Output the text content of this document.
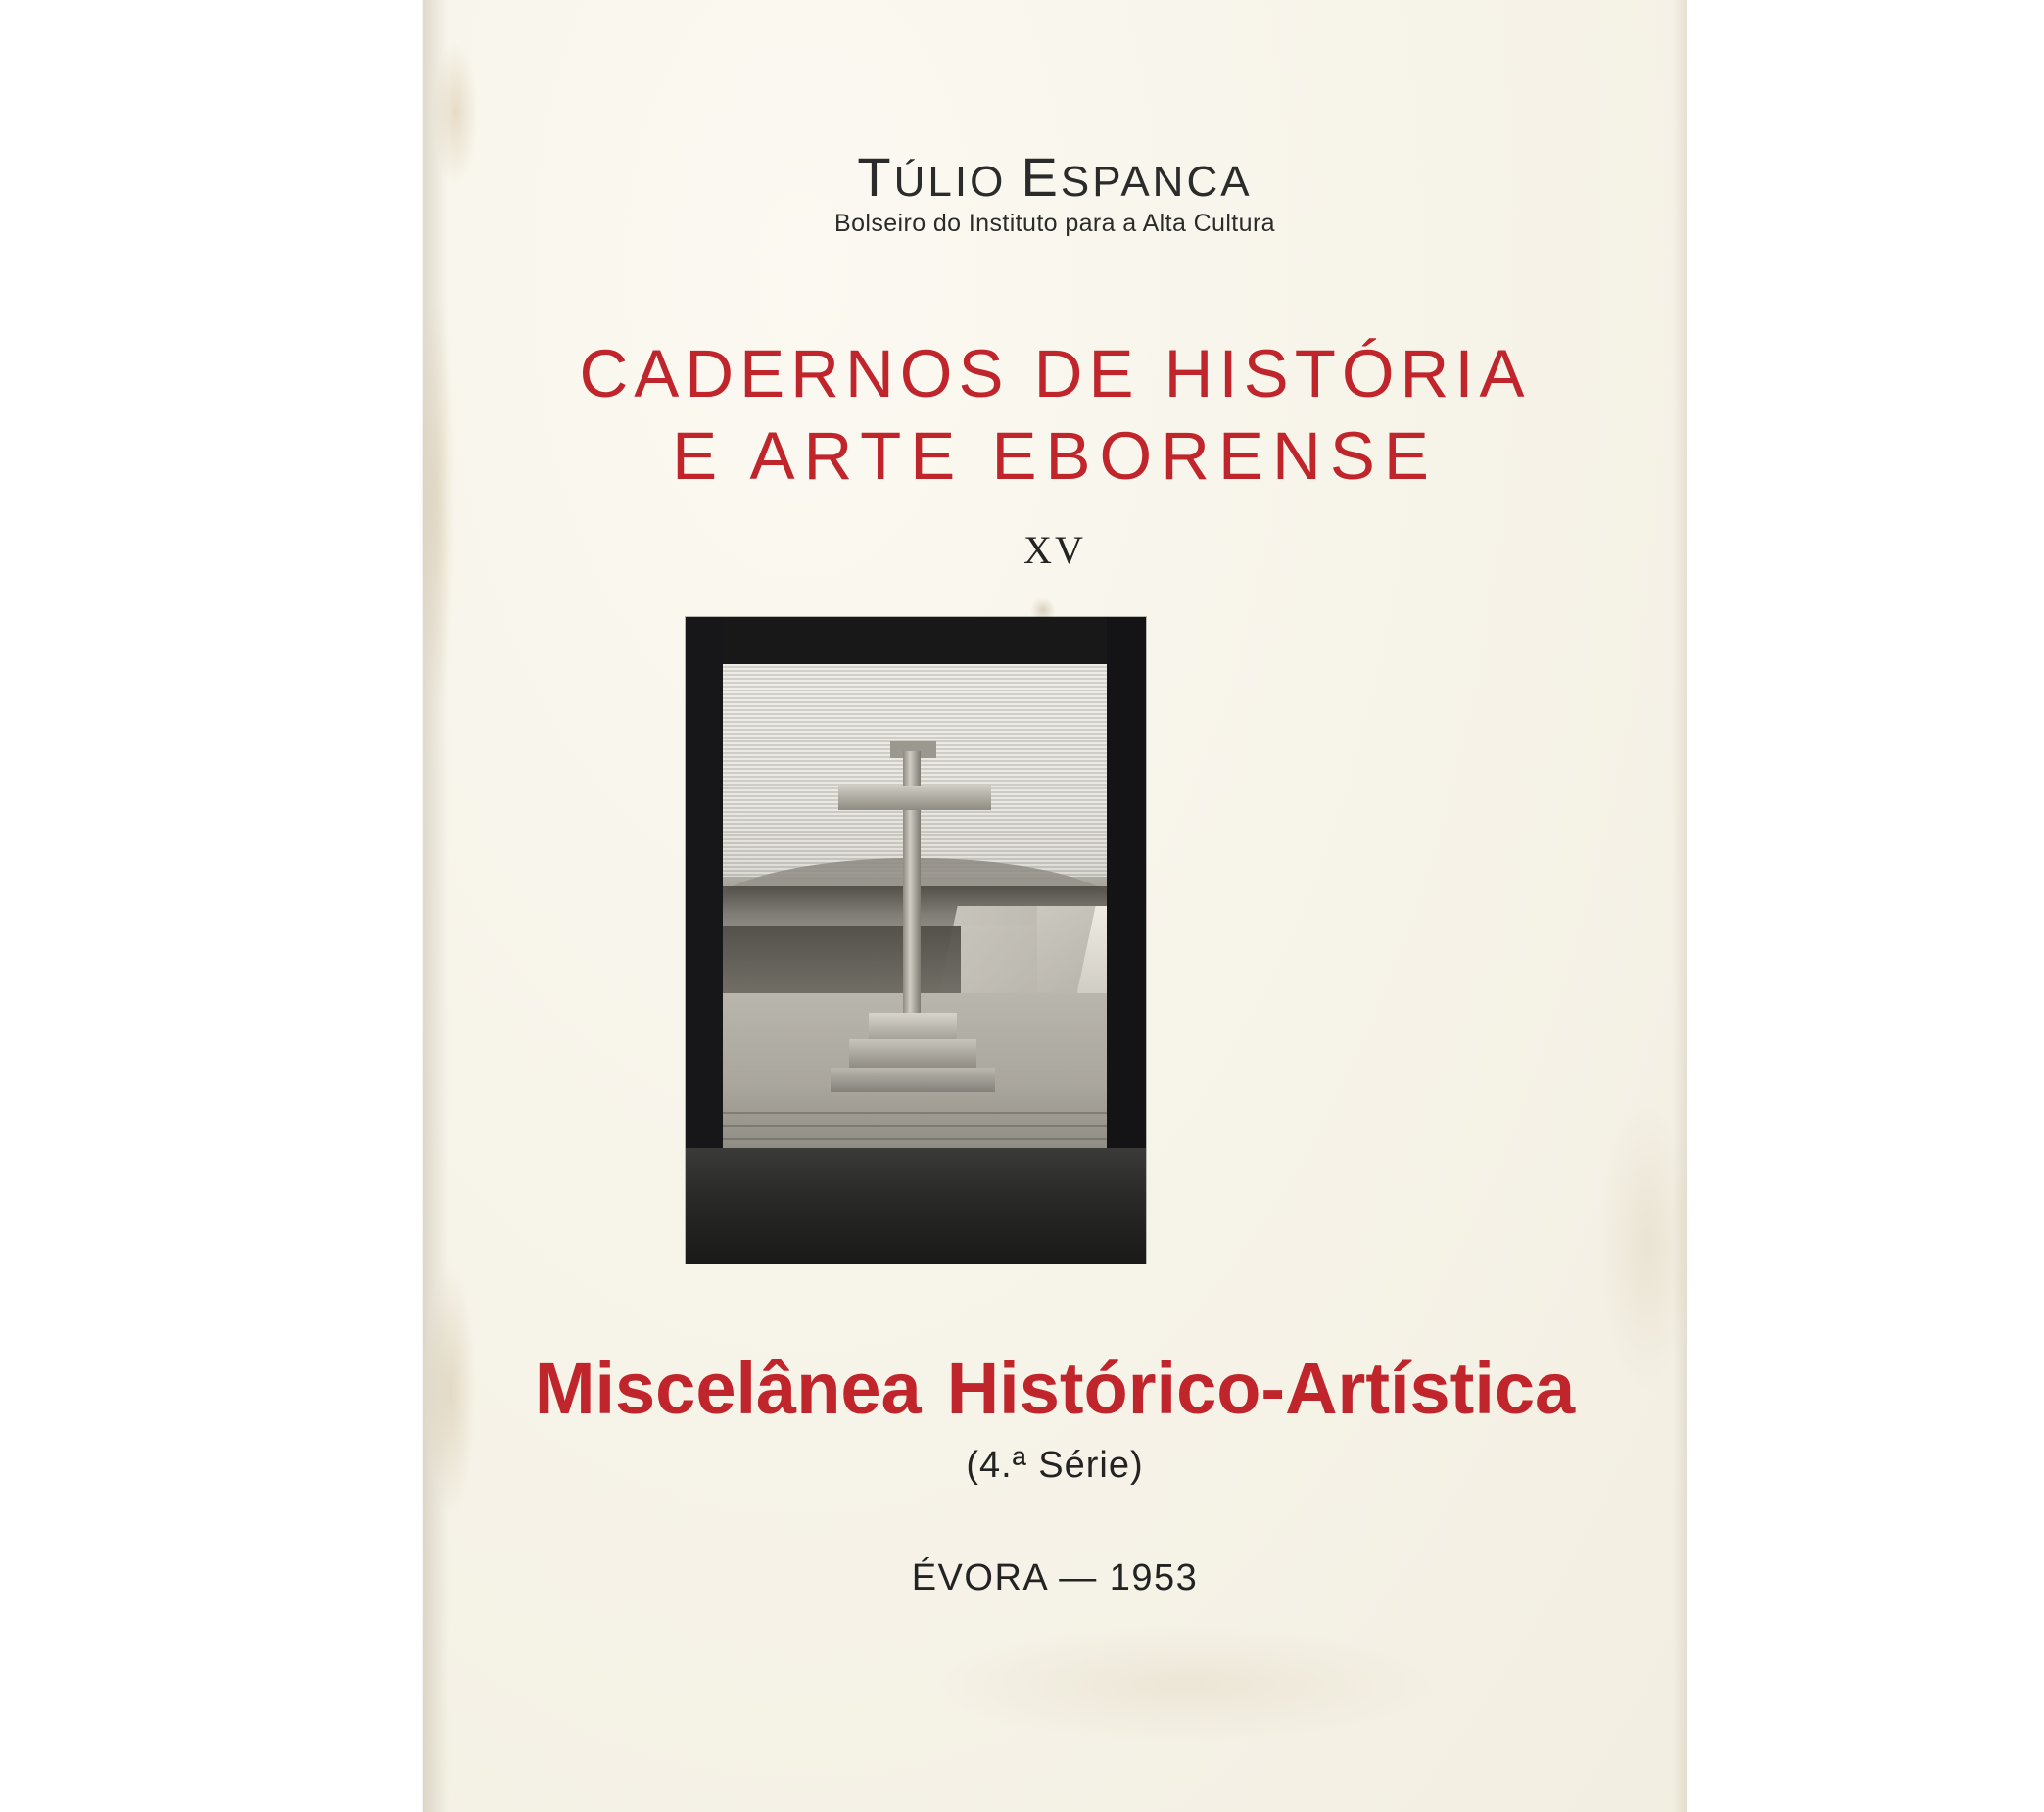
TÚLIO ESPANCA
Bolseiro do Instituto para a Alta Cultura
CADERNOS DE HISTÓRIA
E ARTE EBORENSE
XV
Miscelânea Histórico-Artística
(4.ª Série)
ÉVORA — 1953
